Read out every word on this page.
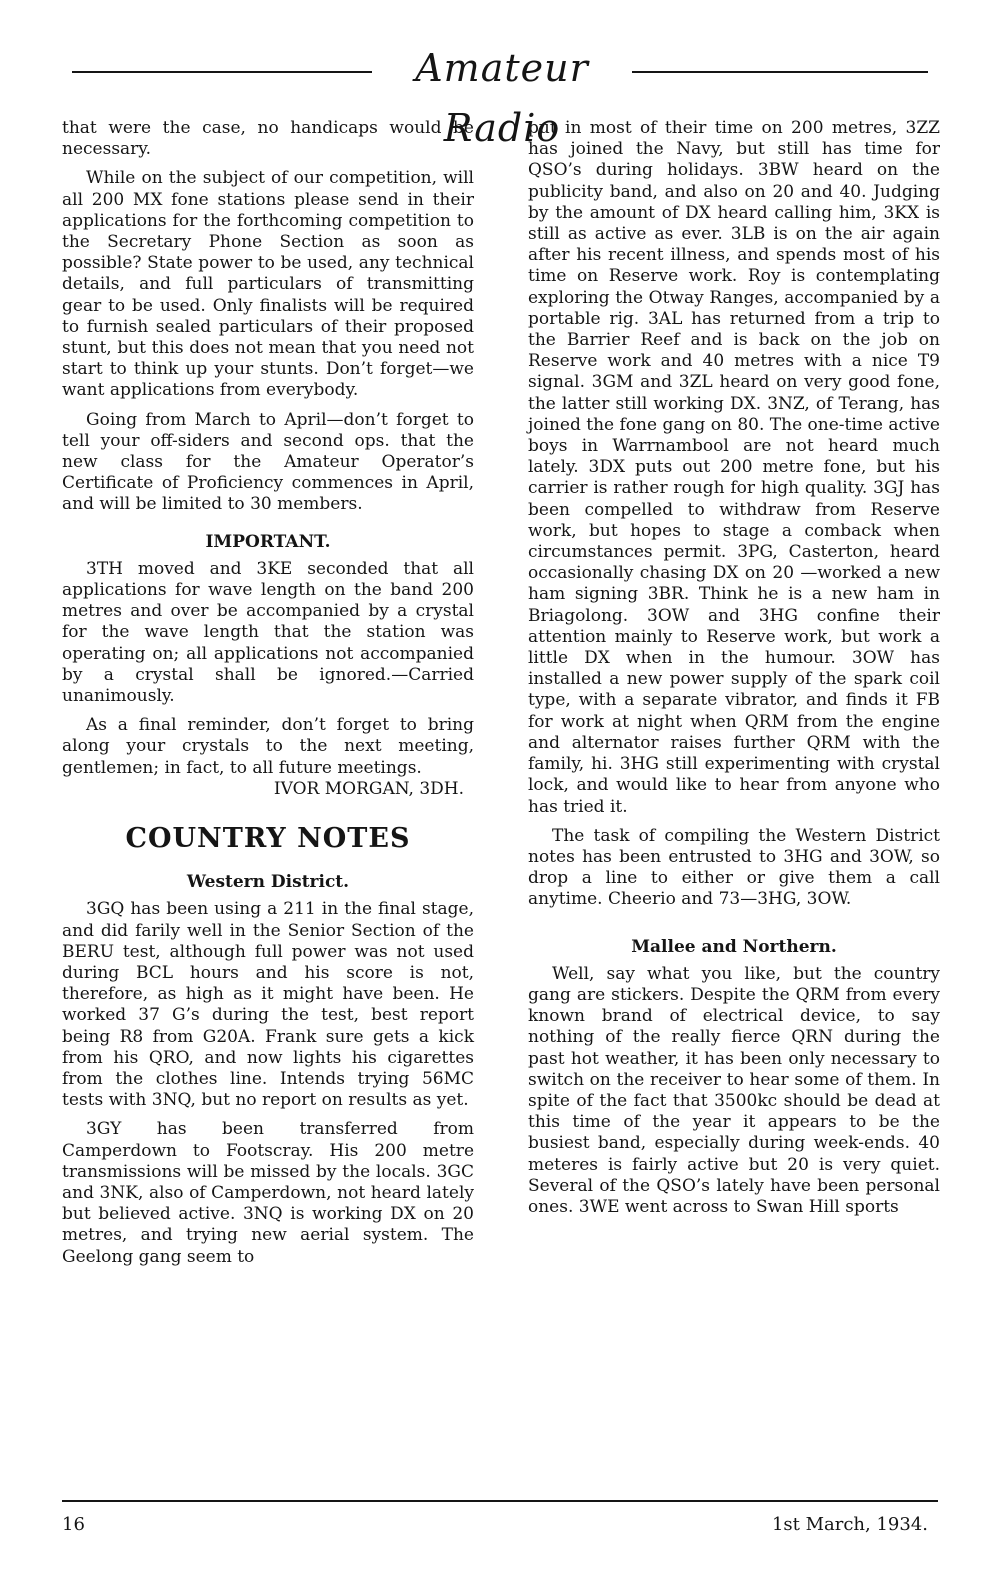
Amateur Radio

that were the case, no handicaps would be necessary.

While on the subject of our competition, will all 200 MX fone stations please send in their applications for the forthcoming competition to the Secretary Phone Section as soon as possible? State power to be used, any technical details, and full particulars of transmitting gear to be used. Only finalists will be required to furnish sealed particulars of their proposed stunt, but this does not mean that you need not start to think up your stunts. Don’t forget—we want applications from everybody.

Going from March to April—don’t forget to tell your off-siders and second ops. that the new class for the Amateur Operator’s Certificate of Proficiency commences in April, and will be limited to 30 members.

IMPORTANT.

3TH moved and 3KE seconded that all applications for wave length on the band 200 metres and over be accompanied by a crystal for the wave length that the station was operating on; all applications not accompanied by a crystal shall be ignored.—Carried unanimously.

As a final reminder, don’t forget to bring along your crystals to the next meeting, gentlemen; in fact, to all future meetings.

IVOR MORGAN, 3DH.

COUNTRY NOTES
Western District.

3GQ has been using a 211 in the final stage, and did farily well in the Senior Section of the BERU test, although full power was not used during BCL hours and his score is not, therefore, as high as it might have been. He worked 37 G’s during the test, best report being R8 from G20A. Frank sure gets a kick from his QRO, and now lights his cigarettes from the clothes line. Intends trying 56MC tests with 3NQ, but no report on results as yet.

3GY has been transferred from Camperdown to Footscray. His 200 metre transmissions will be missed by the locals. 3GC and 3NK, also of Camperdown, not heard lately but believed active. 3NQ is working DX on 20 metres, and trying new aerial system. The Geelong gang seem to

put in most of their time on 200 metres, 3ZZ has joined the Navy, but still has time for QSO’s during holidays. 3BW heard on the publicity band, and also on 20 and 40. Judging by the amount of DX heard calling him, 3KX is still as active as ever. 3LB is on the air again after his recent illness, and spends most of his time on Reserve work. Roy is contemplating exploring the Otway Ranges, accompanied by a portable rig. 3AL has returned from a trip to the Barrier Reef and is back on the job on Reserve work and 40 metres with a nice T9 signal. 3GM and 3ZL heard on very good fone, the latter still working DX. 3NZ, of Terang, has joined the fone gang on 80. The one-time active boys in Warrnambool are not heard much lately. 3DX puts out 200 metre fone, but his carrier is rather rough for high quality. 3GJ has been compelled to withdraw from Reserve work, but hopes to stage a comback when circumstances permit. 3PG, Casterton, heard occasionally chasing DX on 20 —worked a new ham signing 3BR. Think he is a new ham in Briagolong. 3OW and 3HG confine their attention mainly to Reserve work, but work a little DX when in the humour. 3OW has installed a new power supply of the spark coil type, with a separate vibrator, and finds it FB for work at night when QRM from the engine and alternator raises further QRM with the family, hi. 3HG still experimenting with crystal lock, and would like to hear from anyone who has tried it.

The task of compiling the Western District notes has been entrusted to 3HG and 3OW, so drop a line to either or give them a call anytime. Cheerio and 73—3HG, 3OW.

Mallee and Northern.

Well, say what you like, but the country gang are stickers. Despite the QRM from every known brand of electrical device, to say nothing of the really fierce QRN during the past hot weather, it has been only necessary to switch on the receiver to hear some of them. In spite of the fact that 3500kc should be dead at this time of the year it appears to be the busiest band, especially during week-ends. 40 meteres is fairly active but 20 is very quiet. Several of the QSO’s lately have been personal ones. 3WE went across to Swan Hill sports

16	1st March, 1934.
